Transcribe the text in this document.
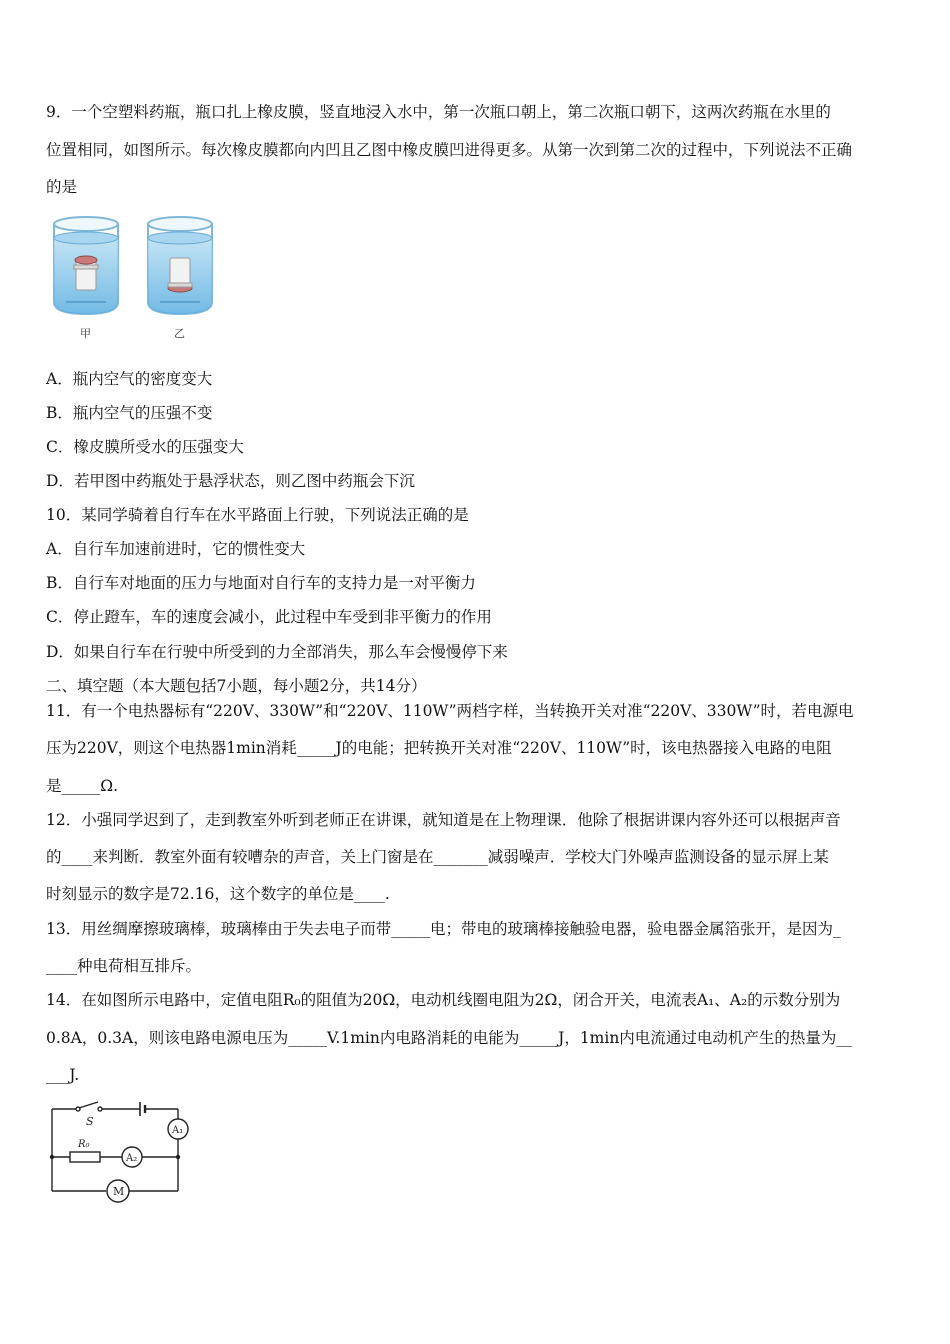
9．一个空塑料药瓶，瓶口扎上橡皮膜，竖直地浸入水中，第一次瓶口朝上，第二次瓶口朝下，这两次药瓶在水里的
位置相同，如图所示。每次橡皮膜都向内凹且乙图中橡皮膜凹进得更多。从第一次到第二次的过程中，下列说法不正确
的是
甲	乙
A．瓶内空气的密度变大
B．瓶内空气的压强不变
C．橡皮膜所受水的压强变大
D．若甲图中药瓶处于悬浮状态，则乙图中药瓶会下沉
10．某同学骑着自行车在水平路面上行驶，下列说法正确的是
A．自行车加速前进时，它的惯性变大
B．自行车对地面的压力与地面对自行车的支持力是一对平衡力
C．停止蹬车，车的速度会减小，此过程中车受到非平衡力的作用
D．如果自行车在行驶中所受到的力全部消失，那么车会慢慢停下来
二、填空题（本大题包括7小题，每小题2分，共14分）
11．有一个电热器标有“220V、330W”和“220V、110W”两档字样，当转换开关对准“220V、330W”时，若电源电
压为220V，则这个电热器1min消耗_____J的电能；把转换开关对准“220V、110W”时，该电热器接入电路的电阻
是_____Ω.
12．小强同学迟到了，走到教室外听到老师正在讲课，就知道是在上物理课．他除了根据讲课内容外还可以根据声音
的____来判断．教室外面有较嘈杂的声音，关上门窗是在_______减弱噪声．学校大门外噪声监测设备的显示屏上某
时刻显示的数字是72.16，这个数字的单位是____.
13．用丝绸摩擦玻璃棒，玻璃棒由于失去电子而带_____电；带电的玻璃棒接触验电器，验电器金属箔张开，是因为_
____种电荷相互排斥。
14．在如图所示电路中，定值电阻R₀的阻值为20Ω，电动机线圈电阻为2Ω，闭合开关，电流表A₁、A₂的示数分别为
0.8A，0.3A，则该电路电源电压为_____V.1min内电路消耗的电能为_____J，1min内电流通过电动机产生的热量为__
___J.
S
R₀
A₁
A₂
M
